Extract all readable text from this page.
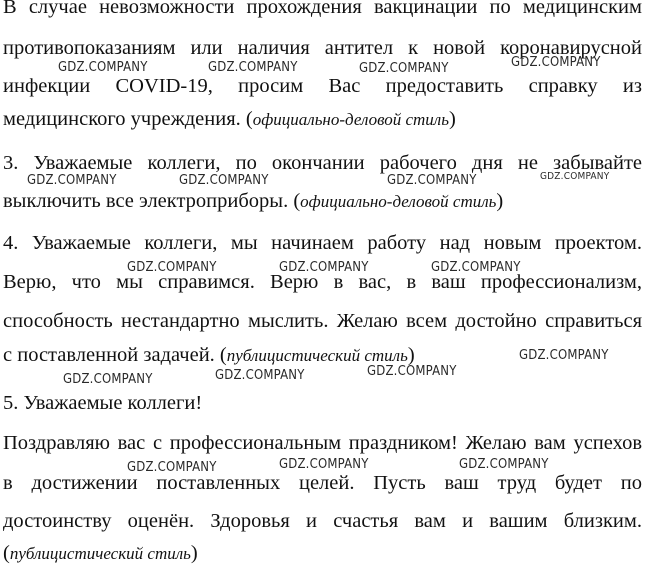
В случае невозможности прохождения вакцинации по медицинским
противопоказаниям или наличия антител к новой коронавирусной
инфекции COVID-19, просим Вас предоставить справку из
медицинского учреждения. (официально-деловой стиль)
3. Уважаемые коллеги, по окончании рабочего дня не забывайте
выключить все электроприборы. (официально-деловой стиль)
4. Уважаемые коллеги, мы начинаем работу над новым проектом.
Верю, что мы справимся. Верю в вас, в ваш профессионализм,
способность нестандартно мыслить. Желаю всем достойно справиться
с поставленной задачей. (публицистический стиль)
5. Уважаемые коллеги!
Поздравляю вас с профессиональным праздником! Желаю вам успехов
в достижении поставленных целей. Пусть ваш труд будет по
достоинству оценён. Здоровья и счастья вам и вашим близким.
(публицистический стиль)
GDZ.COMPANY	GDZ.COMPANY	GDZ.COMPANY	GDZ.COMPANY
GDZ.COMPANY	GDZ.COMPANY	GDZ.COMPANY	GDZ.COMPANY
GDZ.COMPANY	GDZ.COMPANY	GDZ.COMPANY
GDZ.COMPANY
GDZ.COMPANY	GDZ.COMPANY	GDZ.COMPANY
GDZ.COMPANY
GDZ.COMPANY	GDZ.COMPANY
